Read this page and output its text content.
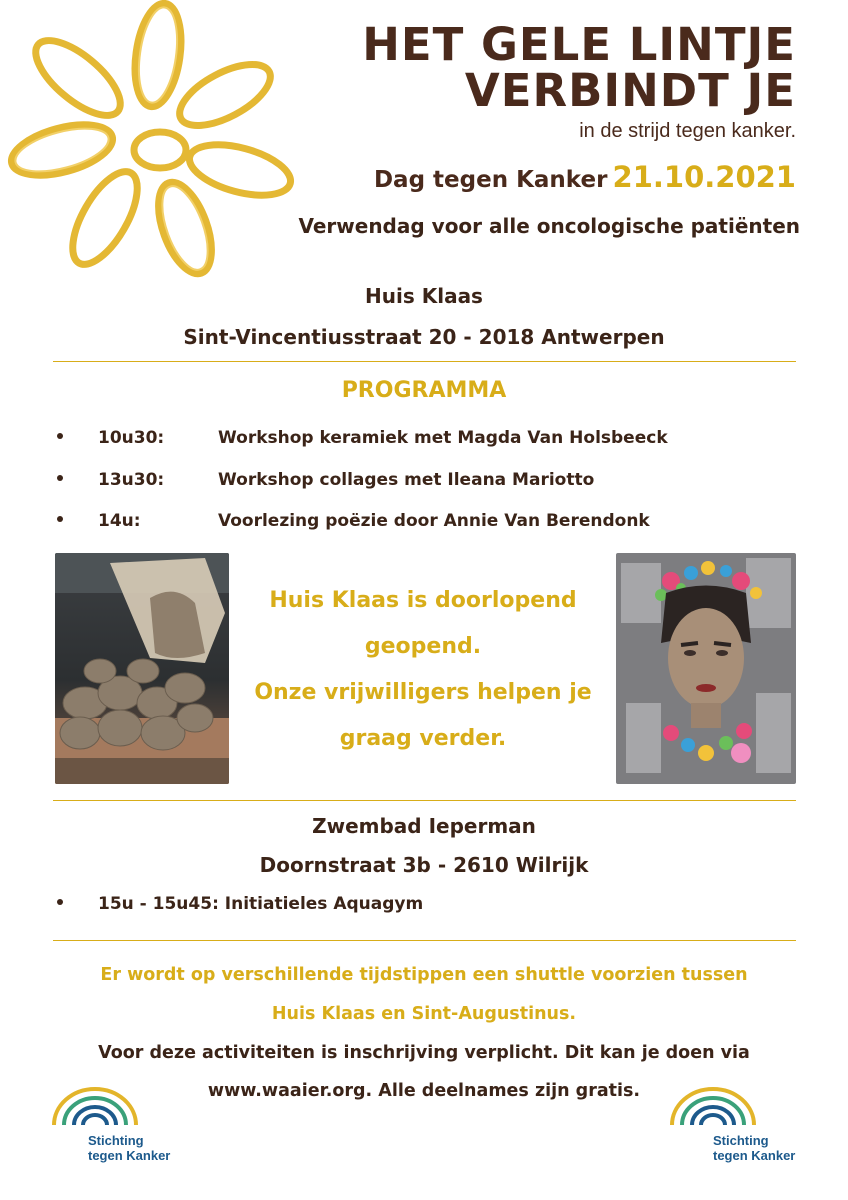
HET GELE LINTJE
VERBINDT JE
in de strijd tegen kanker.
Dag tegen Kanker 21.10.2021
Verwendag voor alle oncologische patiënten
Huis Klaas
Sint-Vincentiusstraat 20 - 2018 Antwerpen
PROGRAMMA
10u30:	Workshop keramiek met Magda Van Holsbeeck
13u30:	Workshop collages met Ileana Mariotto
14u:	Voorlezing poëzie door Annie Van Berendonk
Huis Klaas is doorlopend
geopend.
Onze vrijwilligers helpen je
graag verder.
Zwembad Ieperman
Doornstraat 3b - 2610 Wilrijk
15u - 15u45: Initiatieles Aquagym
Er wordt op verschillende tijdstippen een shuttle voorzien tussen
Huis Klaas en Sint-Augustinus.
Voor deze activiteiten is inschrijving verplicht. Dit kan je doen via
www.waaier.org. Alle deelnames zijn gratis.
Stichting
tegen Kanker
Stichting
tegen Kanker
